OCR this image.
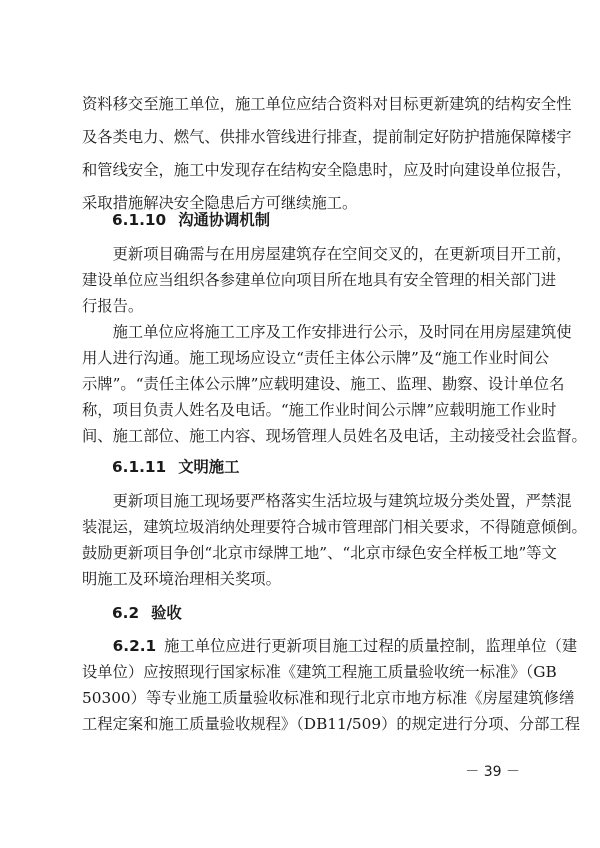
资料移交至施工单位，施工单位应结合资料对目标更新建筑的结构安全性
及各类电力、燃气、供排水管线进行排查，提前制定好防护措施保障楼宇
和管线安全，施工中发现存在结构安全隐患时，应及时向建设单位报告，
采取措施解决安全隐患后方可继续施工。
6.1.10 沟通协调机制
　　更新项目确需与在用房屋建筑存在空间交叉的，在更新项目开工前，
建设单位应当组织各参建单位向项目所在地具有安全管理的相关部门进
行报告。
　　施工单位应将施工工序及工作安排进行公示，及时同在用房屋建筑使
用人进行沟通。施工现场应设立“责任主体公示牌”及“施工作业时间公
示牌”。“责任主体公示牌”应载明建设、施工、监理、勘察、设计单位名
称，项目负责人姓名及电话。“施工作业时间公示牌”应载明施工作业时
间、施工部位、施工内容、现场管理人员姓名及电话，主动接受社会监督。
6.1.11 文明施工
　　更新项目施工现场要严格落实生活垃圾与建筑垃圾分类处置，严禁混
装混运，建筑垃圾消纳处理要符合城市管理部门相关要求，不得随意倾倒。
鼓励更新项目争创“北京市绿牌工地”、“北京市绿色安全样板工地”等文
明施工及环境治理相关奖项。
6.2 验收
　　6.2.1 施工单位应进行更新项目施工过程的质量控制，监理单位（建
设单位）应按照现行国家标准《建筑工程施工质量验收统一标准》（GB
50300）等专业施工质量验收标准和现行北京市地方标准《房屋建筑修缮
工程定案和施工质量验收规程》（DB11/509）的规定进行分项、分部工程
－ 39 －
